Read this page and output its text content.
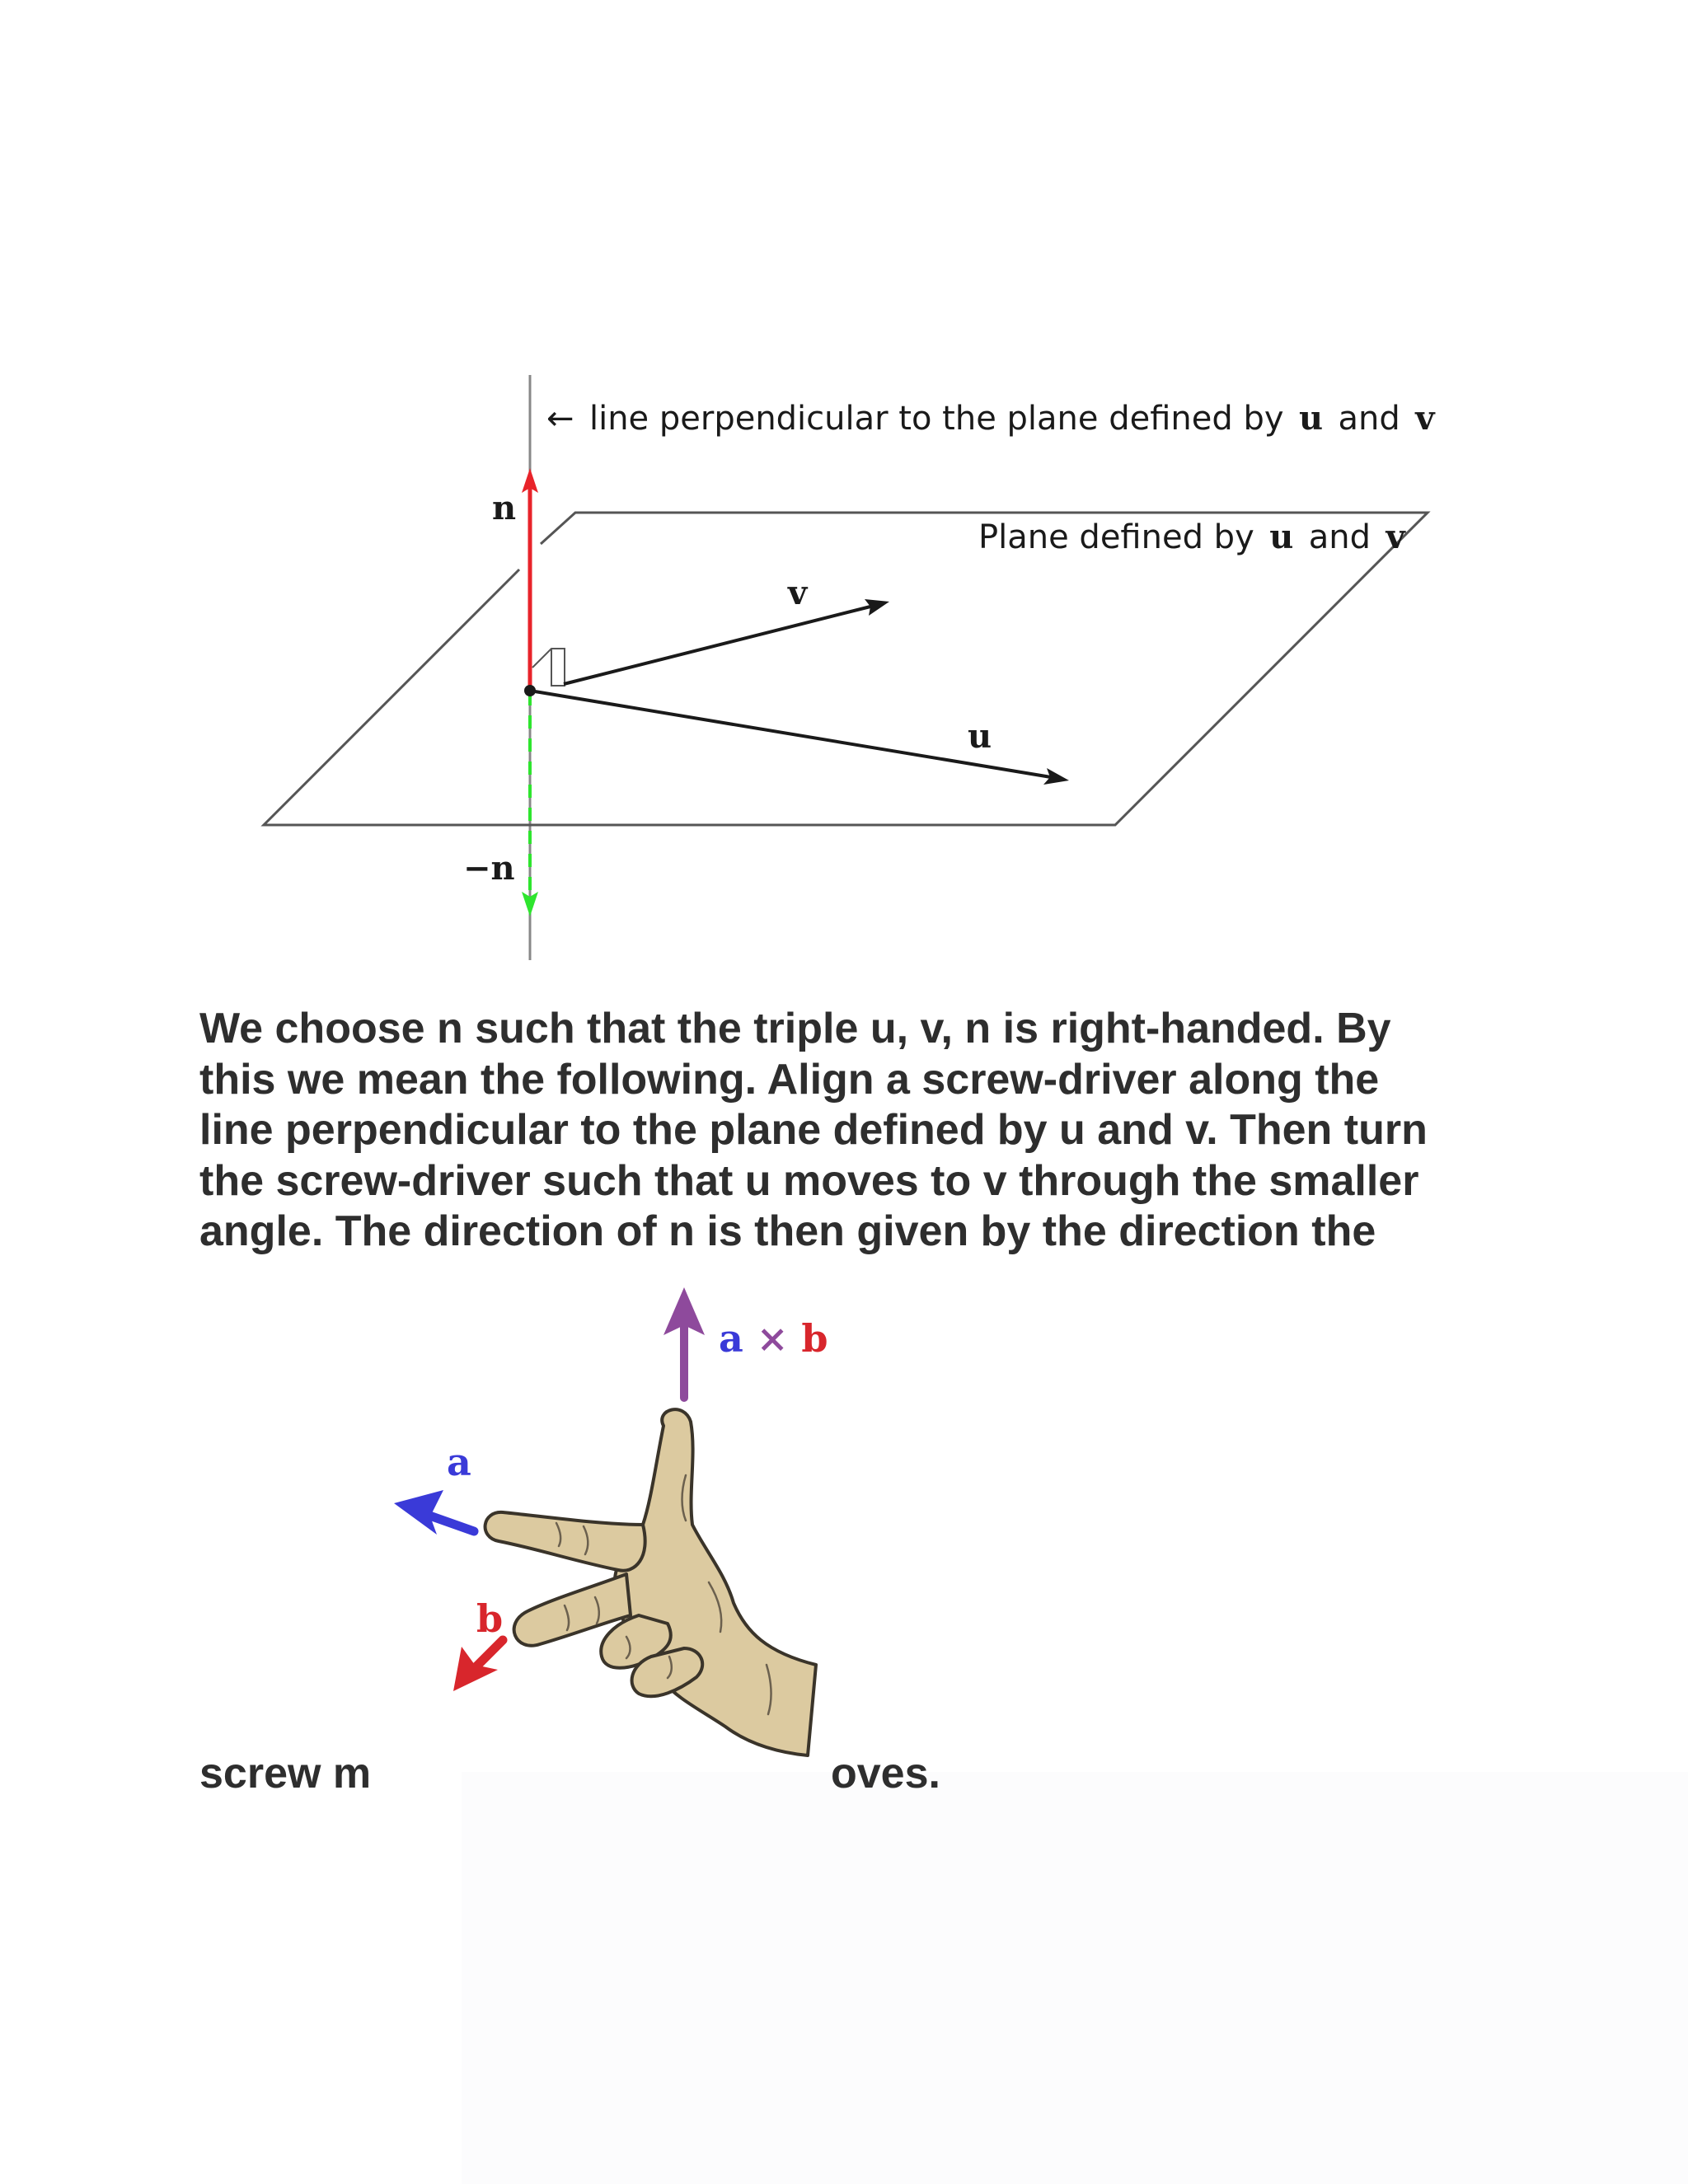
← line perpendicular to the plane defined by u and v
Plane defined by u and v
n
−n
v
u

We choose n such that the triple u, v, n is right-handed. By
this we mean the following. Align a screw-driver along the
line perpendicular to the plane defined by u and v. Then turn
the screw-driver such that u moves to v through the smaller
angle. The direction of n is then given by the direction the

a × b
a
b

screw m	oves.
